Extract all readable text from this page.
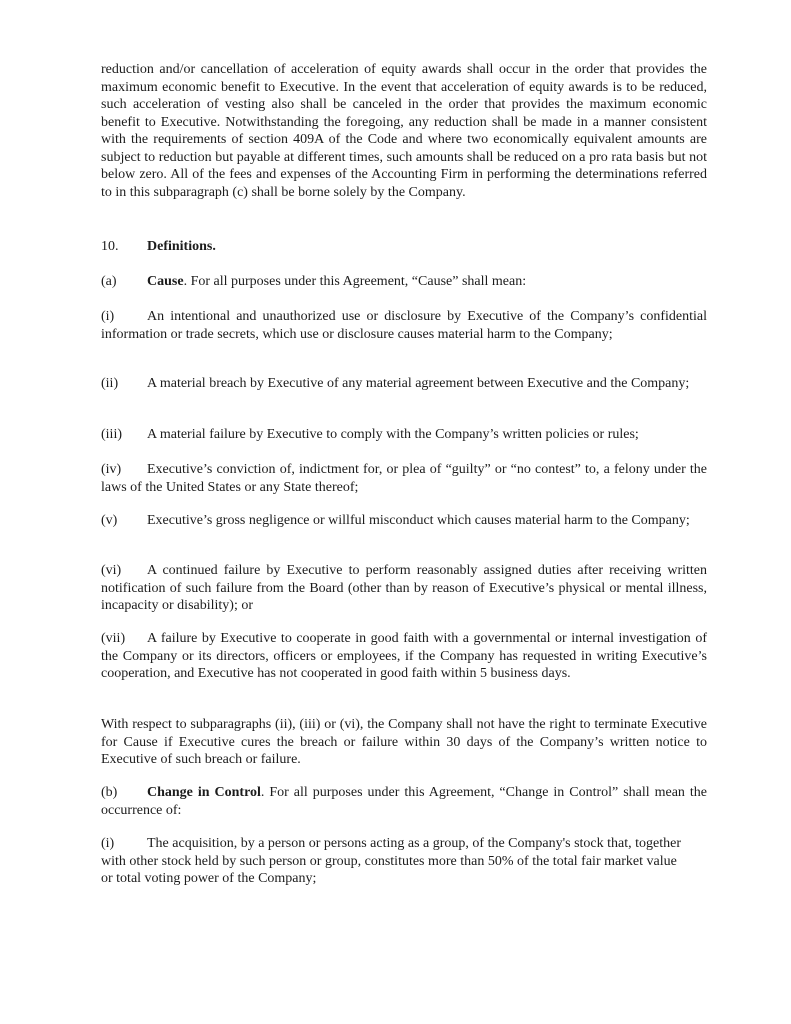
reduction and/or cancellation of acceleration of equity awards shall occur in the order that provides the maximum economic benefit to Executive. In the event that acceleration of equity awards is to be reduced, such acceleration of vesting also shall be canceled in the order that provides the maximum economic benefit to Executive. Notwithstanding the foregoing, any reduction shall be made in a manner consistent with the requirements of section 409A of the Code and where two economically equivalent amounts are subject to reduction but payable at different times, such amounts shall be reduced on a pro rata basis but not below zero. All of the fees and expenses of the Accounting Firm in performing the determinations referred to in this subparagraph (c) shall be borne solely by the Company.

10. Definitions.

(a) Cause. For all purposes under this Agreement, “Cause” shall mean:

(i) An intentional and unauthorized use or disclosure by Executive of the Company’s confidential information or trade secrets, which use or disclosure causes material harm to the Company;

(ii) A material breach by Executive of any material agreement between Executive and the Company;

(iii) A material failure by Executive to comply with the Company’s written policies or rules;

(iv) Executive’s conviction of, indictment for, or plea of “guilty” or “no contest” to, a felony under the laws of the United States or any State thereof;

(v) Executive’s gross negligence or willful misconduct which causes material harm to the Company;

(vi) A continued failure by Executive to perform reasonably assigned duties after receiving written notification of such failure from the Board (other than by reason of Executive’s physical or mental illness, incapacity or disability); or

(vii) A failure by Executive to cooperate in good faith with a governmental or internal investigation of the Company or its directors, officers or employees, if the Company has requested in writing Executive’s cooperation, and Executive has not cooperated in good faith within 5 business days.

With respect to subparagraphs (ii), (iii) or (vi), the Company shall not have the right to terminate Executive for Cause if Executive cures the breach or failure within 30 days of the Company’s written notice to Executive of such breach or failure.

(b) Change in Control. For all purposes under this Agreement, “Change in Control” shall mean the occurrence of:

(i) The acquisition, by a person or persons acting as a group, of the Company's stock that, together with other stock held by such person or group, constitutes more than 50% of the total fair market value or total voting power of the Company;
